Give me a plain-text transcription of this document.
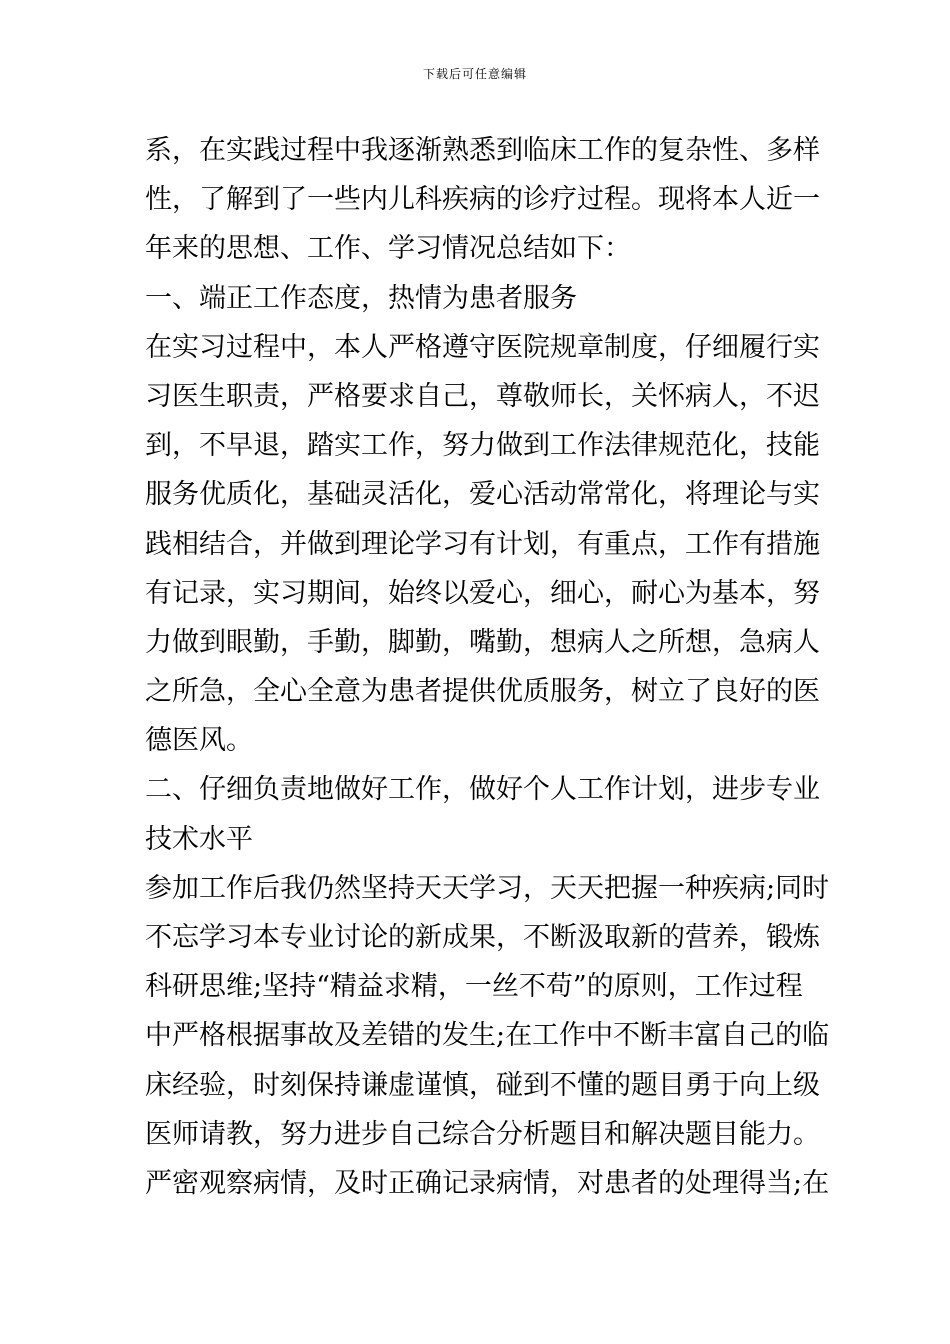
下载后可任意编辑
系，在实践过程中我逐渐熟悉到临床工作的复杂性、多样
性，了解到了一些内儿科疾病的诊疗过程。现将本人近一
年来的思想、工作、学习情况总结如下：
一、端正工作态度，热情为患者服务
在实习过程中，本人严格遵守医院规章制度，仔细履行实
习医生职责，严格要求自己，尊敬师长，关怀病人，不迟
到，不早退，踏实工作，努力做到工作法律规范化，技能
服务优质化，基础灵活化，爱心活动常常化，将理论与实
践相结合，并做到理论学习有计划，有重点，工作有措施
有记录，实习期间，始终以爱心，细心，耐心为基本，努
力做到眼勤，手勤，脚勤，嘴勤，想病人之所想，急病人
之所急，全心全意为患者提供优质服务，树立了良好的医
德医风。
二、仔细负责地做好工作，做好个人工作计划，进步专业
技术水平
参加工作后我仍然坚持天天学习，天天把握一种疾病;同时
不忘学习本专业讨论的新成果，不断汲取新的营养，锻炼
科研思维;坚持“精益求精，一丝不苟”的原则，工作过程
中严格根据事故及差错的发生;在工作中不断丰富自己的临
床经验，时刻保持谦虚谨慎，碰到不懂的题目勇于向上级
医师请教，努力进步自己综合分析题目和解决题目能力。
严密观察病情，及时正确记录病情，对患者的处理得当;在
